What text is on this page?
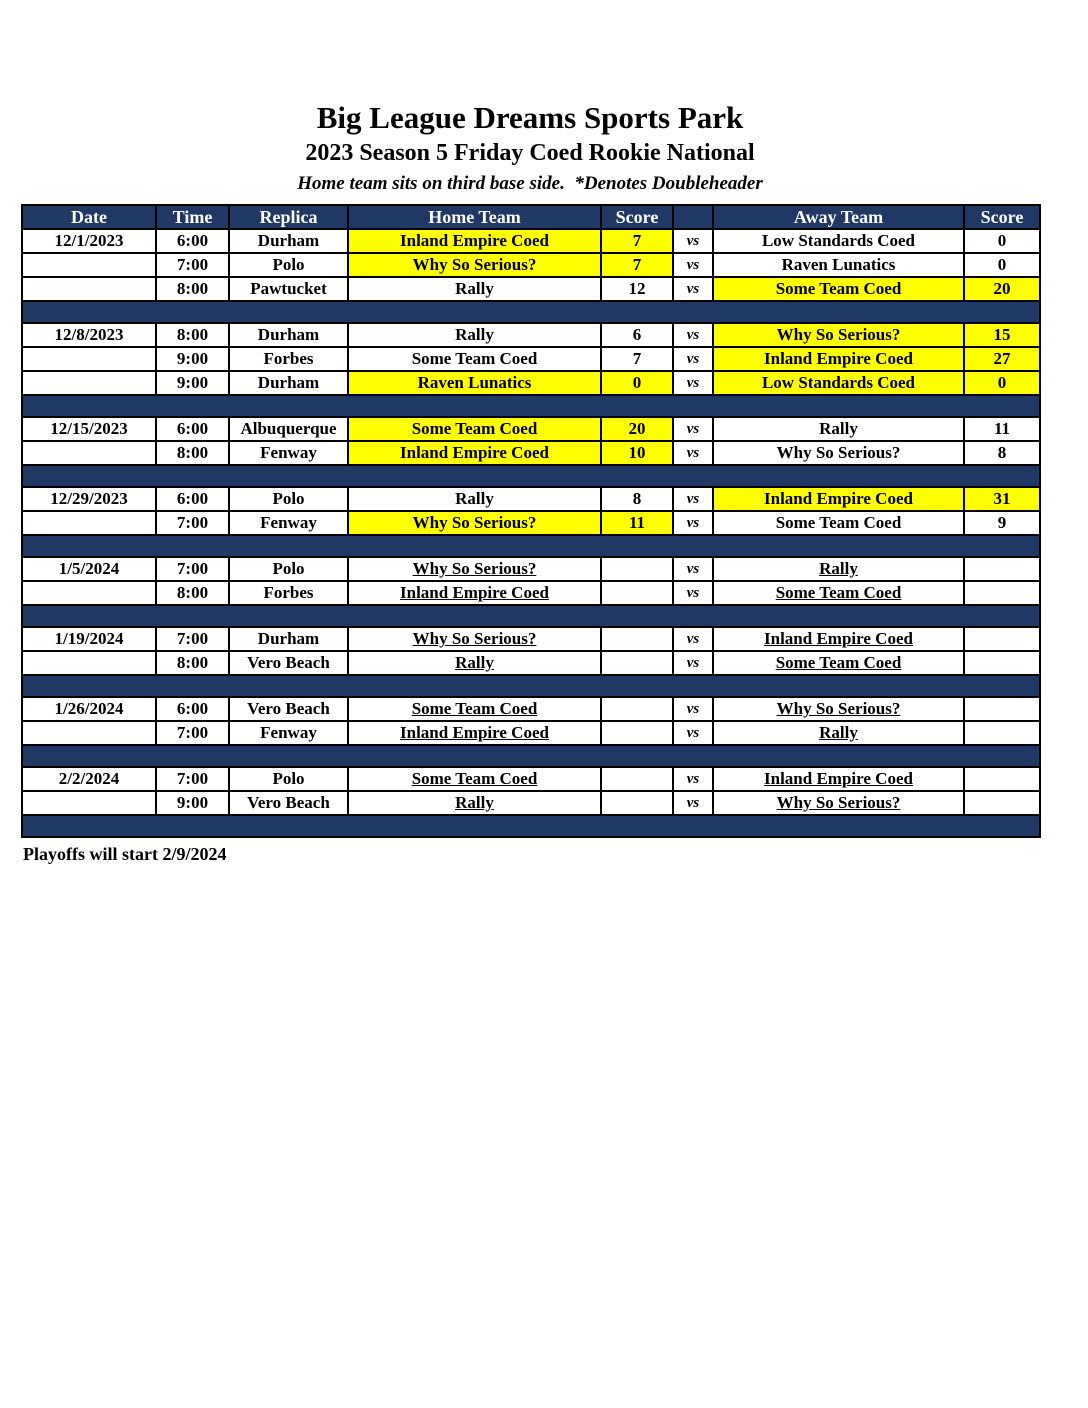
Big League Dreams Sports Park
2023 Season 5 Friday Coed Rookie National
Home team sits on third base side.  *Denotes Doubleheader
Date	Time	Replica	Home Team	Score		Away Team	Score
12/1/2023	6:00	Durham	Inland Empire Coed	7	vs	Low Standards Coed	0
	7:00	Polo	Why So Serious?	7	vs	Raven Lunatics	0
	8:00	Pawtucket	Rally	12	vs	Some Team Coed	20

12/8/2023	8:00	Durham	Rally	6	vs	Why So Serious?	15
	9:00	Forbes	Some Team Coed	7	vs	Inland Empire Coed	27
	9:00	Durham	Raven Lunatics	0	vs	Low Standards Coed	0

12/15/2023	6:00	Albuquerque	Some Team Coed	20	vs	Rally	11
	8:00	Fenway	Inland Empire Coed	10	vs	Why So Serious?	8

12/29/2023	6:00	Polo	Rally	8	vs	Inland Empire Coed	31
	7:00	Fenway	Why So Serious?	11	vs	Some Team Coed	9

1/5/2024	7:00	Polo	Why So Serious?		vs	Rally	
	8:00	Forbes	Inland Empire Coed		vs	Some Team Coed	

1/19/2024	7:00	Durham	Why So Serious?		vs	Inland Empire Coed	
	8:00	Vero Beach	Rally		vs	Some Team Coed	

1/26/2024	6:00	Vero Beach	Some Team Coed		vs	Why So Serious?	
	7:00	Fenway	Inland Empire Coed		vs	Rally	

2/2/2024	7:00	Polo	Some Team Coed		vs	Inland Empire Coed	
	9:00	Vero Beach	Rally		vs	Why So Serious?	

Playoffs will start 2/9/2024
